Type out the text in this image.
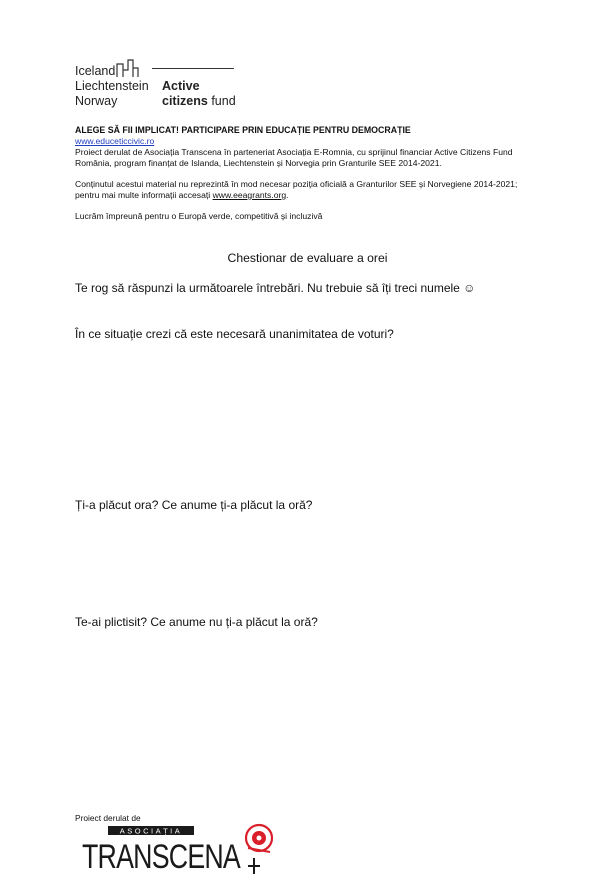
Iceland
Liechtenstein
Norway
Active
citizens fund
ALEGE SĂ FII IMPLICAT! PARTICIPARE PRIN EDUCAȚIE PENTRU DEMOCRAȚIE
www.educeticcivic.ro
Proiect derulat de Asociația Transcena în parteneriat Asociația E-Romnia, cu sprijinul financiar Active Citizens Fund România, program finanțat de Islanda, Liechtenstein și Norvegia prin Granturile SEE 2014-2021.
Conținutul acestui material nu reprezintă în mod necesar poziția oficială a Granturilor SEE și Norvegiene 2014-2021; pentru mai multe informații accesați www.eeagrants.org.
Lucrăm împreună pentru o Europă verde, competitivă și incluzivă
Chestionar de evaluare a orei
Te rog să răspunzi la următoarele întrebări. Nu trebuie să îți treci numele ☺
În ce situație crezi că este necesară unanimitatea de voturi?
Ți-a plăcut ora? Ce anume ți-a plăcut la oră?
Te-ai plictisit? Ce anume nu ți-a plăcut la oră?
Proiect derulat de
ASOCIAȚIA
TRANSCENA
